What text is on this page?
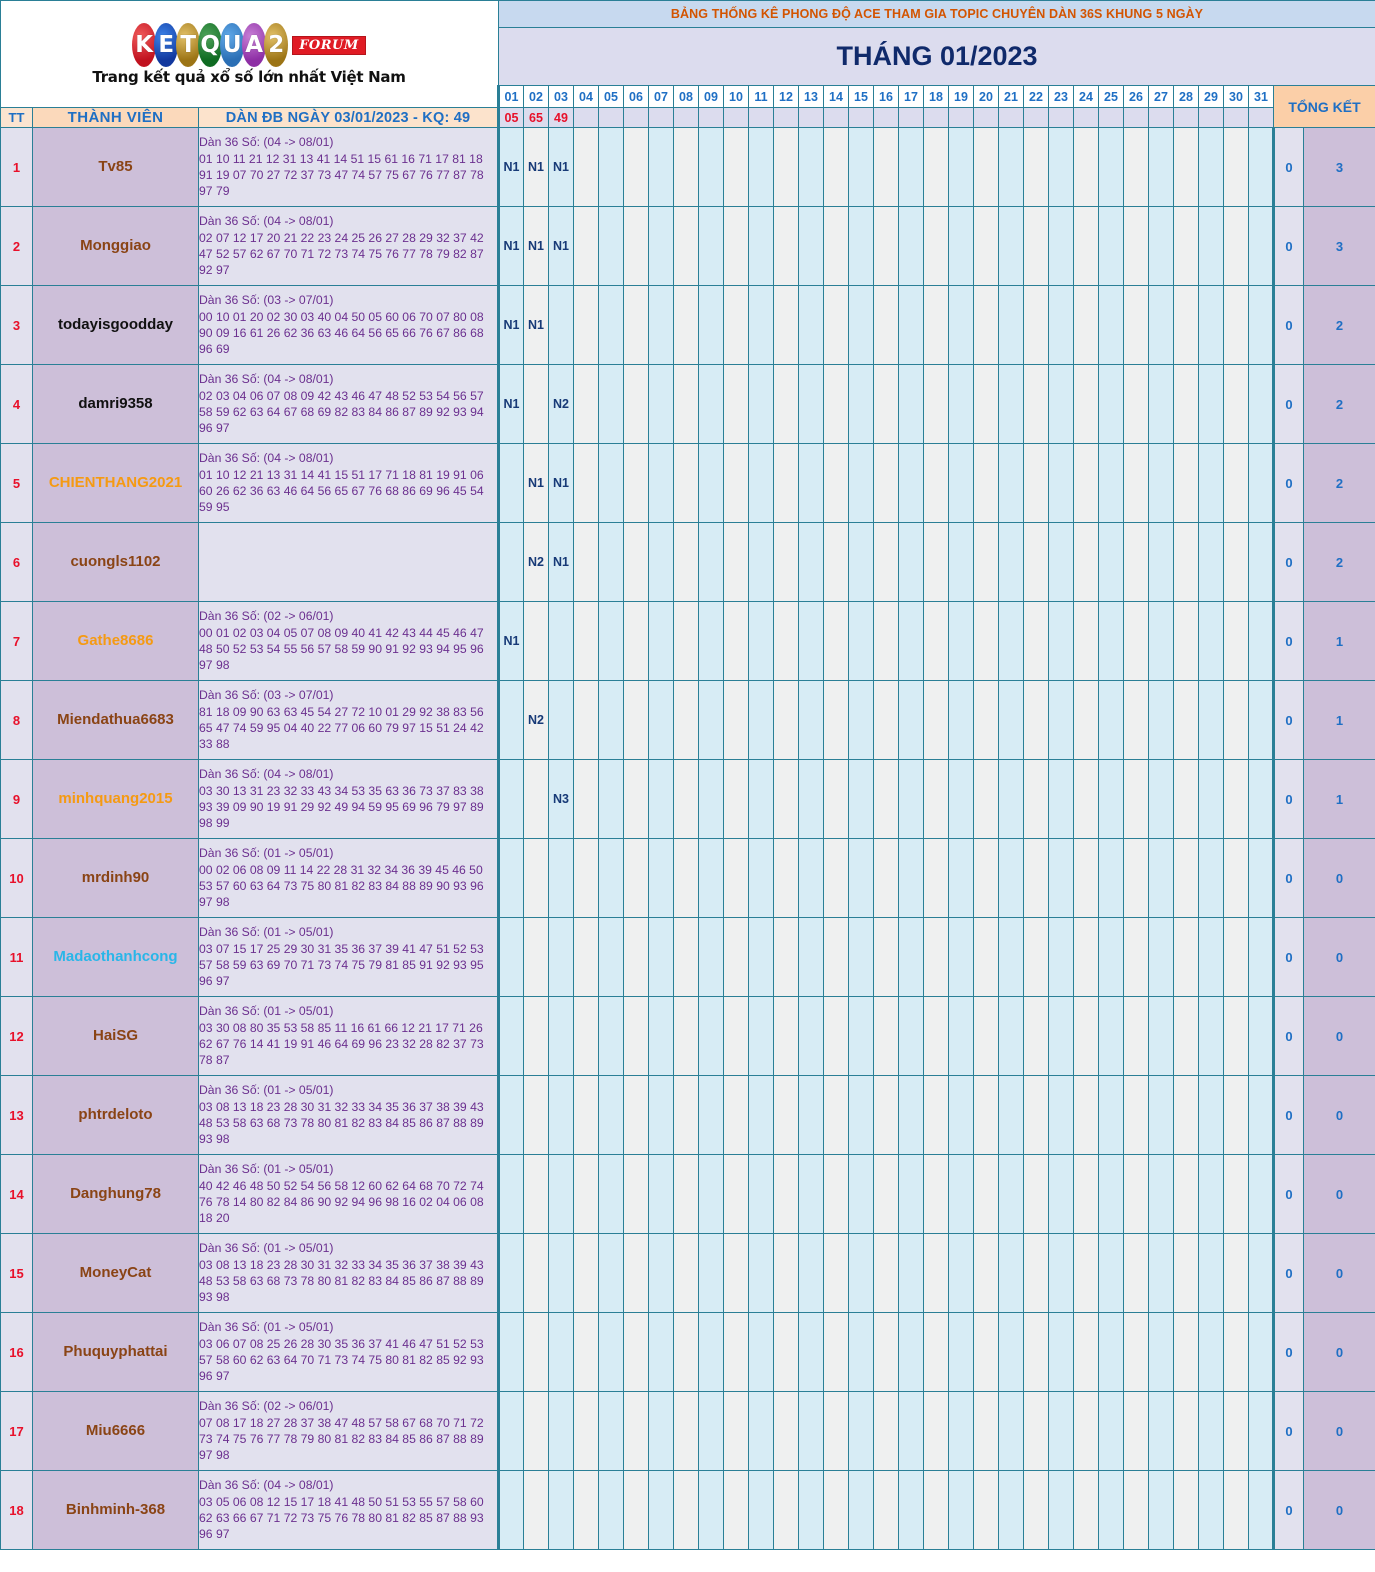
K E T Q U A 2	FORUM
Trang kết quả xổ số lớn nhất Việt Nam
	BẢNG THỐNG KÊ PHONG ĐỘ ACE THAM GIA TOPIC CHUYÊN DÀN 36S KHUNG 5 NGÀY
			THÁNG 01/2023																																
			01	02	03	04	05	06	07	08	09	10	11	12	13	14	15	16	17	18	19	20	21	22	23	24	25	26	27	28	29	30	31	TỔNG KẾT	
TT	THÀNH VIÊN	DÀN ĐB NGÀY 03/01/2023 - KQ: 49	05	65	49																														
1	Tv85	Dàn 36 Số: (04 -> 08/01)
01 10 11 21 12 31 13 41 14 51 15 61 16 71 17 81 18 91 19 07 70 27 72 37 73 47 74 57 75 67 76 77 87 78 97 79	N1	N1	N1																													0	3
2	Monggiao	Dàn 36 Số: (04 -> 08/01)
02 07 12 17 20 21 22 23 24 25 26 27 28 29 32 37 42 47 52 57 62 67 70 71 72 73 74 75 76 77 78 79 82 87 92 97	N1	N1	N1																													0	3
3	todayisgoodday	Dàn 36 Số: (03 -> 07/01)
00 10 01 20 02 30 03 40 04 50 05 60 06 70 07 80 08 90 09 16 61 26 62 36 63 46 64 56 65 66 76 67 86 68 96 69	N1	N1																														0	2
4	damri9358	Dàn 36 Số: (04 -> 08/01)
02 03 04 06 07 08 09 42 43 46 47 48 52 53 54 56 57 58 59 62 63 64 67 68 69 82 83 84 86 87 89 92 93 94 96 97	N1		N2																													0	2
5	CHIENTHANG2021	Dàn 36 Số: (04 -> 08/01)
01 10 12 21 13 31 14 41 15 51 17 71 18 81 19 91 06 60 26 62 36 63 46 64 56 65 67 76 68 86 69 96 45 54 59 95		N1	N1																													0	2
6	cuongls1102			N2	N1																													0	2
7	Gathe8686	Dàn 36 Số: (02 -> 06/01)
00 01 02 03 04 05 07 08 09 40 41 42 43 44 45 46 47 48 50 52 53 54 55 56 57 58 59 90 91 92 93 94 95 96 97 98	N1																															0	1
8	Miendathua6683	Dàn 36 Số: (03 -> 07/01)
81 18 09 90 63 63 45 54 27 72 10 01 29 92 38 83 56 65 47 74 59 95 04 40 22 77 06 60 79 97 15 51 24 42 33 88		N2																														0	1
9	minhquang2015	Dàn 36 Số: (04 -> 08/01)
03 30 13 31 23 32 33 43 34 53 35 63 36 73 37 83 38 93 39 09 90 19 91 29 92 49 94 59 95 69 96 79 97 89 98 99			N3																													0	1
10	mrdinh90	Dàn 36 Số: (01 -> 05/01)
00 02 06 08 09 11 14 22 28 31 32 34 36 39 45 46 50 53 57 60 63 64 73 75 80 81 82 83 84 88 89 90 93 96 97 98																																0	0
11	Madaothanhcong	Dàn 36 Số: (01 -> 05/01)
03 07 15 17 25 29 30 31 35 36 37 39 41 47 51 52 53 57 58 59 63 69 70 71 73 74 75 79 81 85 91 92 93 95 96 97																																0	0
12	HaiSG	Dàn 36 Số: (01 -> 05/01)
03 30 08 80 35 53 58 85 11 16 61 66 12 21 17 71 26 62 67 76 14 41 19 91 46 64 69 96 23 32 28 82 37 73 78 87																																0	0
13	phtrdeloto	Dàn 36 Số: (01 -> 05/01)
03 08 13 18 23 28 30 31 32 33 34 35 36 37 38 39 43 48 53 58 63 68 73 78 80 81 82 83 84 85 86 87 88 89 93 98																																0	0
14	Danghung78	Dàn 36 Số: (01 -> 05/01)
40 42 46 48 50 52 54 56 58 12 60 62 64 68 70 72 74 76 78 14 80 82 84 86 90 92 94 96 98 16 02 04 06 08 18 20																																0	0
15	MoneyCat	Dàn 36 Số: (01 -> 05/01)
03 08 13 18 23 28 30 31 32 33 34 35 36 37 38 39 43 48 53 58 63 68 73 78 80 81 82 83 84 85 86 87 88 89 93 98																																0	0
16	Phuquyphattai	Dàn 36 Số: (01 -> 05/01)
03 06 07 08 25 26 28 30 35 36 37 41 46 47 51 52 53 57 58 60 62 63 64 70 71 73 74 75 80 81 82 85 92 93 96 97																																0	0
17	Miu6666	Dàn 36 Số: (02 -> 06/01)
07 08 17 18 27 28 37 38 47 48 57 58 67 68 70 71 72 73 74 75 76 77 78 79 80 81 82 83 84 85 86 87 88 89 97 98																																0	0
18	Binhminh-368	Dàn 36 Số: (04 -> 08/01)
03 05 06 08 12 15 17 18 41 48 50 51 53 55 57 58 60 62 63 66 67 71 72 73 75 76 78 80 81 82 85 87 88 93 96 97																																0	0
